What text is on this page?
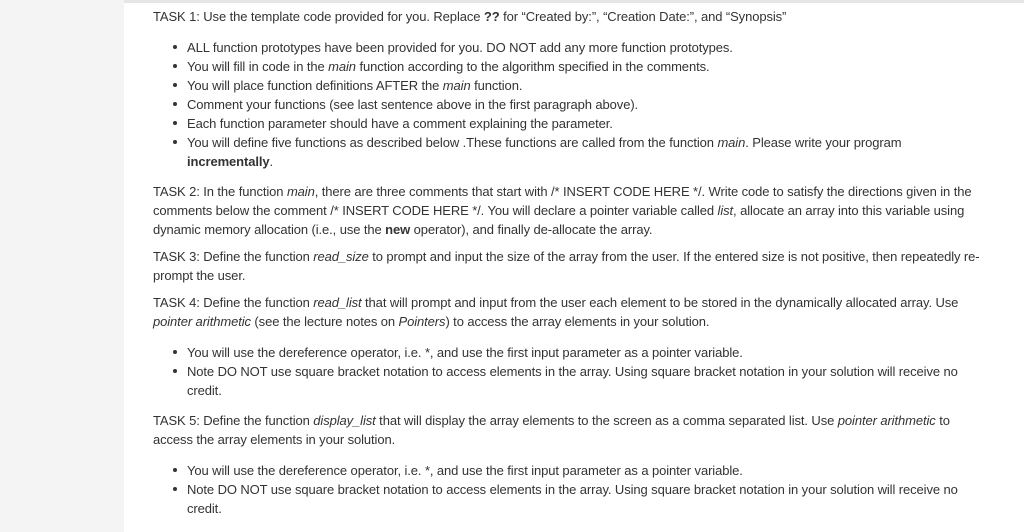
TASK 1: Use the template code provided for you. Replace ?? for “Created by:”, “Creation Date:”, and “Synopsis”

ALL function prototypes have been provided for you. DO NOT add any more function prototypes.
You will fill in code in the main function according to the algorithm specified in the comments.
You will place function definitions AFTER the main function.
Comment your functions (see last sentence above in the first paragraph above).
Each function parameter should have a comment explaining the parameter.
You will define five functions as described below .These functions are called from the function main. Please write your program incrementally.

TASK 2: In the function main, there are three comments that start with /* INSERT CODE HERE */. Write code to satisfy the directions given in the comments below the comment /* INSERT CODE HERE */. You will declare a pointer variable called list, allocate an array into this variable using dynamic memory allocation (i.e., use the new operator), and finally de-allocate the array.

TASK 3: Define the function read_size to prompt and input the size of the array from the user. If the entered size is not positive, then repeatedly re-prompt the user.

TASK 4: Define the function read_list that will prompt and input from the user each element to be stored in the dynamically allocated array. Use pointer arithmetic (see the lecture notes on Pointers) to access the array elements in your solution.

You will use the dereference operator, i.e. *, and use the first input parameter as a pointer variable.
Note DO NOT use square bracket notation to access elements in the array. Using square bracket notation in your solution will receive no credit.

TASK 5: Define the function display_list that will display the array elements to the screen as a comma separated list. Use pointer arithmetic to access the array elements in your solution.

You will use the dereference operator, i.e. *, and use the first input parameter as a pointer variable.
Note DO NOT use square bracket notation to access elements in the array. Using square bracket notation in your solution will receive no credit.
